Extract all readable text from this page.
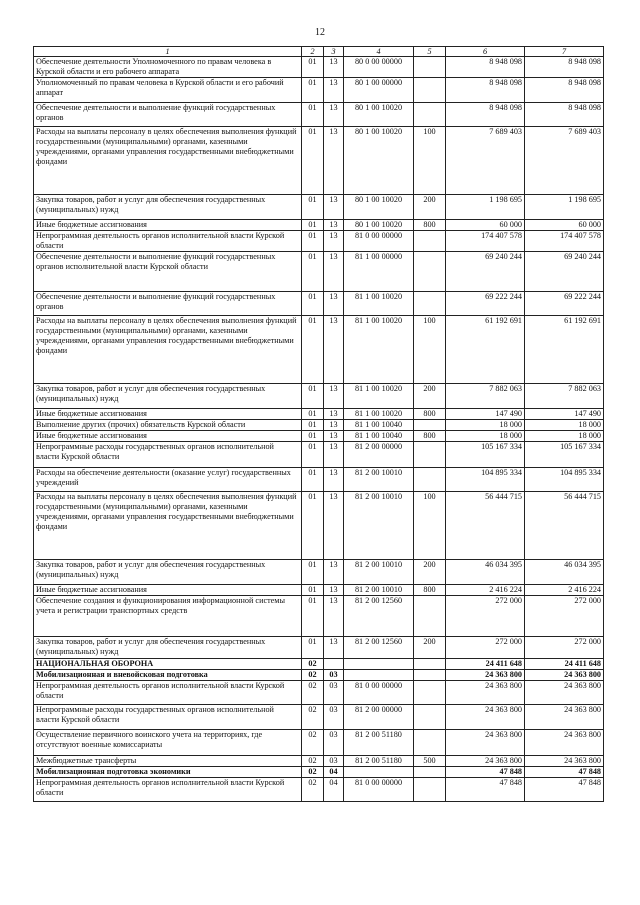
12
1	2	3	4	5	6	7
Обеспечение деятельности Уполномоченного по правам человека в Курской области и его рабочего аппарата	01	13	80 0 00 00000		8 948 098	8 948 098
Уполномоченный по правам человека в Курской области и его рабочий аппарат	01	13	80 1 00 00000		8 948 098	8 948 098
Обеспечение деятельности и выполнение функций государственных органов	01	13	80 1 00 10020		8 948 098	8 948 098
Расходы на выплаты персоналу в целях обеспечения выполнения функций государственными (муниципальными) органами, казенными учреждениями, органами управления государственными внебюджетными фондами	01	13	80 1 00 10020	100	7 689 403	7 689 403
Закупка товаров, работ и услуг для обеспечения государственных (муниципальных) нужд	01	13	80 1 00 10020	200	1 198 695	1 198 695
Иные бюджетные ассигнования	01	13	80 1 00 10020	800	60 000	60 000
Непрограммная деятельность органов исполнительной власти Курской области	01	13	81 0 00 00000		174 407 578	174 407 578
Обеспечение деятельности и выполнение функций государственных органов исполнительной власти Курской области	01	13	81 1 00 00000		69 240 244	69 240 244
Обеспечение деятельности и выполнение функций государственных органов	01	13	81 1 00 10020		69 222 244	69 222 244
Расходы на выплаты персоналу в целях обеспечения выполнения функций государственными (муниципальными) органами, казенными учреждениями, органами управления государственными внебюджетными фондами	01	13	81 1 00 10020	100	61 192 691	61 192 691
Закупка товаров, работ и услуг для обеспечения государственных (муниципальных) нужд	01	13	81 1 00 10020	200	7 882 063	7 882 063
Иные бюджетные ассигнования	01	13	81 1 00 10020	800	147 490	147 490
Выполнение других (прочих) обязательств Курской области	01	13	81 1 00 10040		18 000	18 000
Иные бюджетные ассигнования	01	13	81 1 00 10040	800	18 000	18 000
Непрограммные расходы государственных органов исполнительной власти Курской области	01	13	81 2 00 00000		105 167 334	105 167 334
Расходы на обеспечение деятельности (оказание услуг) государственных учреждений	01	13	81 2 00 10010		104 895 334	104 895 334
Расходы на выплаты персоналу в целях обеспечения выполнения функций государственными (муниципальными) органами, казенными учреждениями, органами управления государственными внебюджетными фондами	01	13	81 2 00 10010	100	56 444 715	56 444 715
Закупка товаров, работ и услуг для обеспечения государственных (муниципальных) нужд	01	13	81 2 00 10010	200	46 034 395	46 034 395
Иные бюджетные ассигнования	01	13	81 2 00 10010	800	2 416 224	2 416 224
Обеспечение создания и функционирования информационной системы учета и регистрации транспортных средств	01	13	81 2 00 12560		272 000	272 000
Закупка товаров, работ и услуг для обеспечения государственных (муниципальных) нужд	01	13	81 2 00 12560	200	272 000	272 000
НАЦИОНАЛЬНАЯ ОБОРОНА	02				24 411 648	24 411 648
Мобилизационная и вневойсковая подготовка	02	03			24 363 800	24 363 800
Непрограммная деятельность органов исполнительной власти Курской области	02	03	81 0 00 00000		24 363 800	24 363 800
Непрограммные расходы государственных органов исполнительной власти Курской области	02	03	81 2 00 00000		24 363 800	24 363 800
Осуществление первичного воинского учета на территориях, где отсутствуют военные комиссариаты	02	03	81 2 00 51180		24 363 800	24 363 800
Межбюджетные трансферты	02	03	81 2 00 51180	500	24 363 800	24 363 800
Мобилизационная подготовка экономики	02	04			47 848	47 848
Непрограммная деятельность органов исполнительной власти Курской области	02	04	81 0 00 00000		47 848	47 848
